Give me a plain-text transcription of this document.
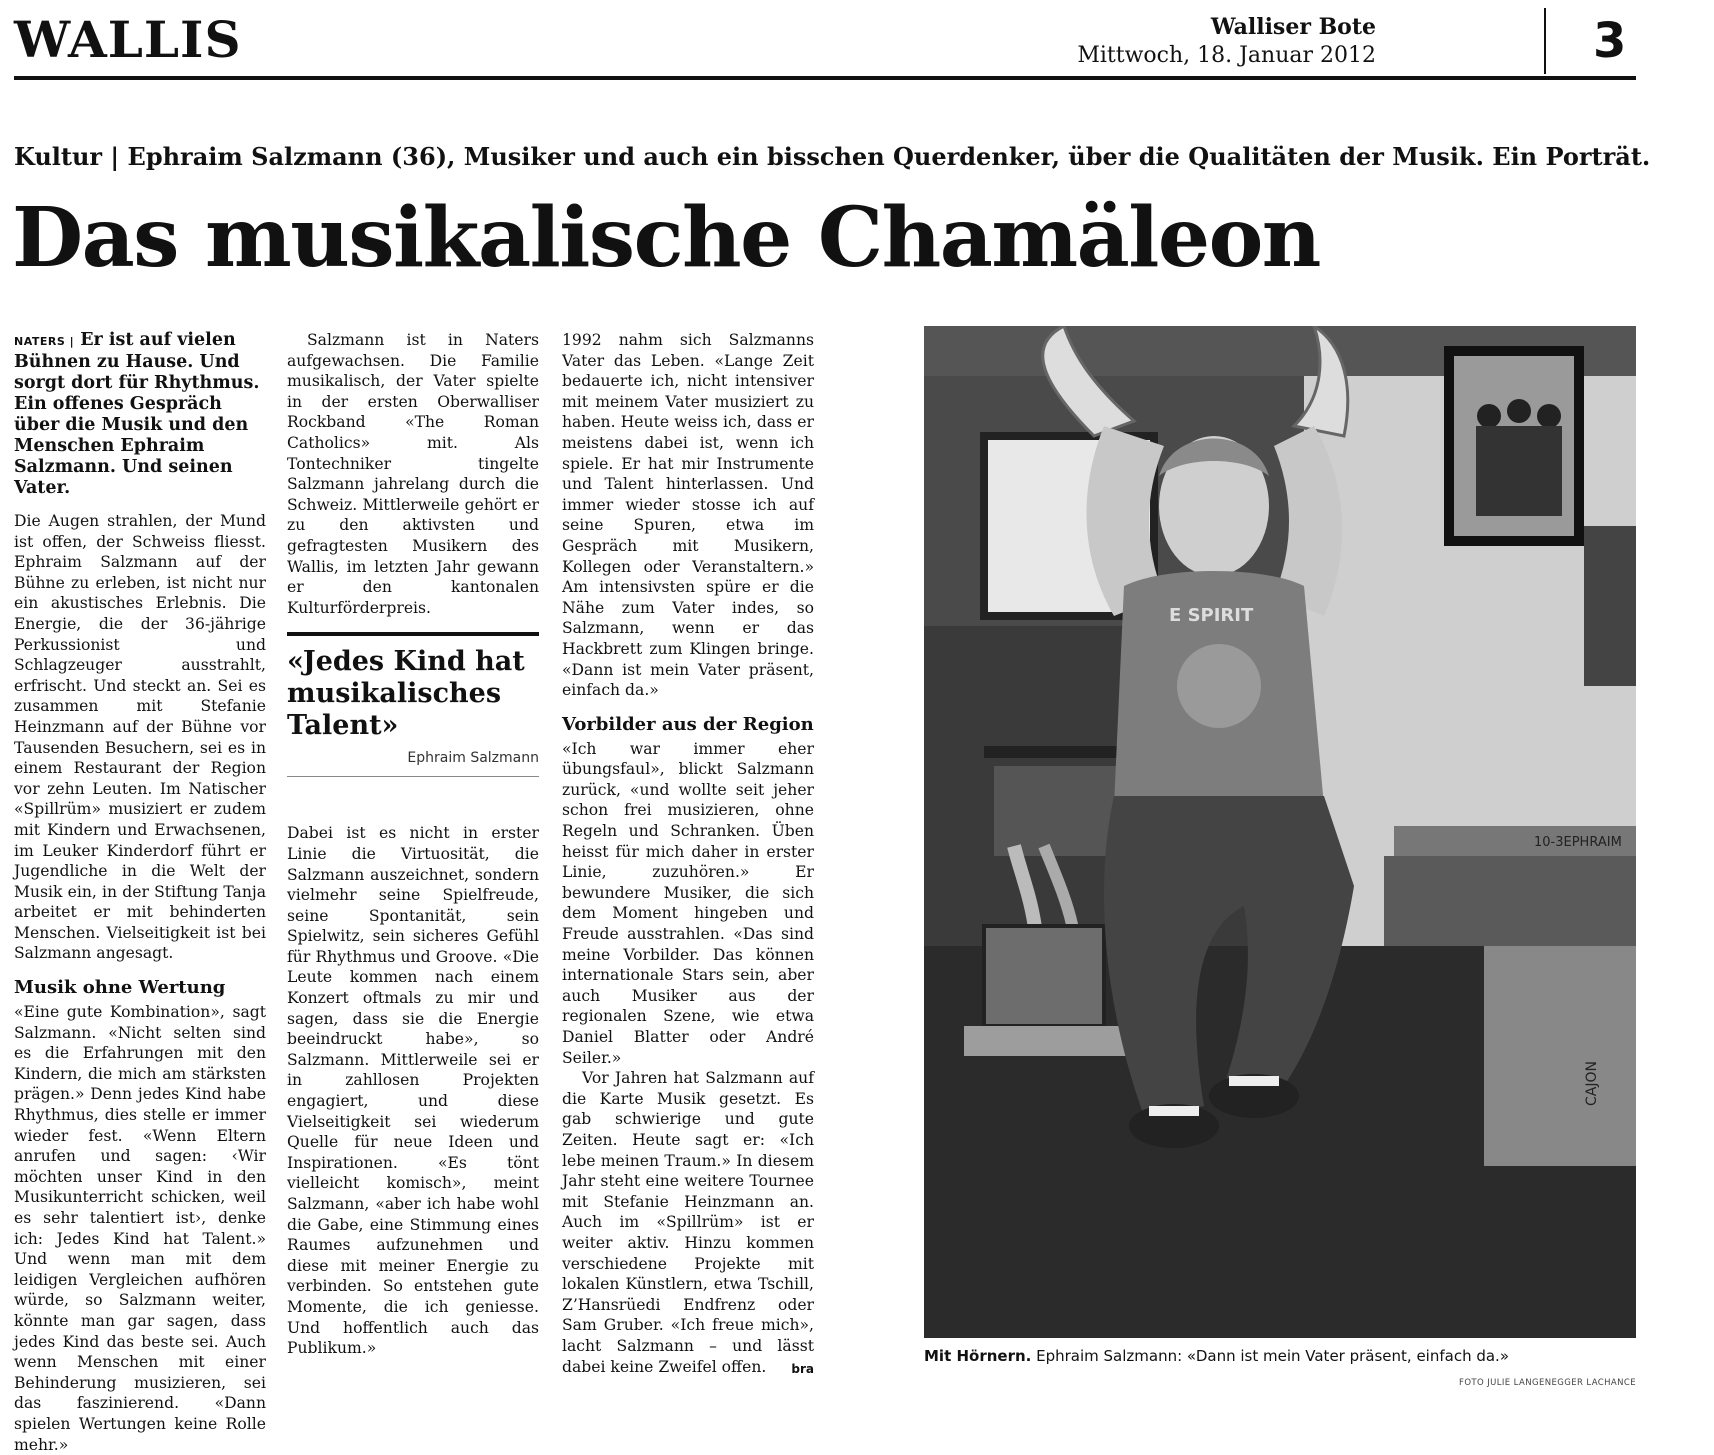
WALLIS	Walliser Bote
Mittwoch, 18. Januar 2012	3
Kultur | Ephraim Salzmann (36), Musiker und auch ein bisschen Querdenker, über die Qualitäten der Musik. Ein Porträt.
Das musikalische Chamäleon

NATERS | Er ist auf vielen Bühnen zu Hause. Und sorgt dort für Rhythmus. Ein offenes Gespräch über die Musik und den Menschen Ephraim Salzmann. Und seinen Vater.

Die Augen strahlen, der Mund ist offen, der Schweiss fliesst. Ephraim Salzmann auf der Bühne zu erleben, ist nicht nur ein akustisches Erlebnis. Die Energie, die der 36-jährige Perkussionist und Schlagzeuger ausstrahlt, erfrischt. Und steckt an. Sei es zusammen mit Stefanie Heinzmann auf der Bühne vor Tausenden Besuchern, sei es in einem Restaurant der Region vor zehn Leuten. Im Natischer «Spillrüm» musiziert er zudem mit Kindern und Erwachsenen, im Leuker Kinderdorf führt er Jugendliche in die Welt der Musik ein, in der Stiftung Tanja arbeitet er mit behinderten Menschen. Vielseitigkeit ist bei Salzmann angesagt.

Musik ohne Wertung

«Eine gute Kombination», sagt Salzmann. «Nicht selten sind es die Erfahrungen mit den Kindern, die mich am stärksten prägen.» Denn jedes Kind habe Rhythmus, dies stelle er immer wieder fest. «Wenn Eltern anrufen und sagen: ‹Wir möchten unser Kind in den Musikunterricht schicken, weil es sehr talentiert ist›, denke ich: Jedes Kind hat Talent.» Und wenn man mit dem leidigen Vergleichen aufhören würde, so Salzmann weiter, könnte man gar sagen, dass jedes Kind das beste sei. Auch wenn Menschen mit einer Behinderung musizieren, sei das faszinierend. «Dann spielen Wertungen keine Rolle mehr.»

Salzmann ist in Naters aufgewachsen. Die Familie musikalisch, der Vater spielte in der ersten Oberwalliser Rockband «The Roman Catholics» mit. Als Tontechniker tingelte Salzmann jahrelang durch die Schweiz. Mittlerweile gehört er zu den aktivsten und gefragtesten Musikern des Wallis, im letzten Jahr gewann er den kantonalen Kulturförderpreis.

«Jedes Kind hat musikalisches Talent»
Ephraim Salzmann

Dabei ist es nicht in erster Linie die Virtuosität, die Salzmann auszeichnet, sondern vielmehr seine Spielfreude, seine Spontanität, sein Spielwitz, sein sicheres Gefühl für Rhythmus und Groove. «Die Leute kommen nach einem Konzert oftmals zu mir und sagen, dass sie die Energie beeindruckt habe», so Salzmann. Mittlerweile sei er in zahllosen Projekten engagiert, und diese Vielseitigkeit sei wiederum Quelle für neue Ideen und Inspirationen. «Es tönt vielleicht komisch», meint Salzmann, «aber ich habe wohl die Gabe, eine Stimmung eines Raumes aufzunehmen und diese mit meiner Energie zu verbinden. So entstehen gute Momente, die ich geniesse. Und hoffentlich auch das Publikum.»

1992 nahm sich Salzmanns Vater das Leben. «Lange Zeit bedauerte ich, nicht intensiver mit meinem Vater musiziert zu haben. Heute weiss ich, dass er meistens dabei ist, wenn ich spiele. Er hat mir Instrumente und Talent hinterlassen. Und immer wieder stosse ich auf seine Spuren, etwa im Gespräch mit Musikern, Kollegen oder Veranstaltern.» Am intensivsten spüre er die Nähe zum Vater indes, so Salzmann, wenn er das Hackbrett zum Klingen bringe. «Dann ist mein Vater präsent, einfach da.»

Vorbilder aus der Region

«Ich war immer eher übungsfaul», blickt Salzmann zurück, «und wollte seit jeher schon frei musizieren, ohne Regeln und Schranken. Üben heisst für mich daher in erster Linie, zuzuhören.» Er bewundere Musiker, die sich dem Moment hingeben und Freude ausstrahlen. «Das sind meine Vorbilder. Das können internationale Stars sein, aber auch Musiker aus der regionalen Szene, wie etwa Daniel Blatter oder André Seiler.»

Vor Jahren hat Salzmann auf die Karte Musik gesetzt. Es gab schwierige und gute Zeiten. Heute sagt er: «Ich lebe meinen Traum.» In diesem Jahr steht eine weitere Tournee mit Stefanie Heinzmann an. Auch im «Spillrüm» ist er weiter aktiv. Hinzu kommen verschiedene Projekte mit lokalen Künstlern, etwa Tschill, Z’Hansrüedi Endfrenz oder Sam Gruber. «Ich freue mich», lacht Salzmann – und lässt dabei keine Zweifel offen.	bra

10-3EPHRAIM
CAJON
E SPIRIT
Mit Hörnern. Ephraim Salzmann: «Dann ist mein Vater präsent, einfach da.»
FOTO JULIE LANGENEGGER LACHANCE
